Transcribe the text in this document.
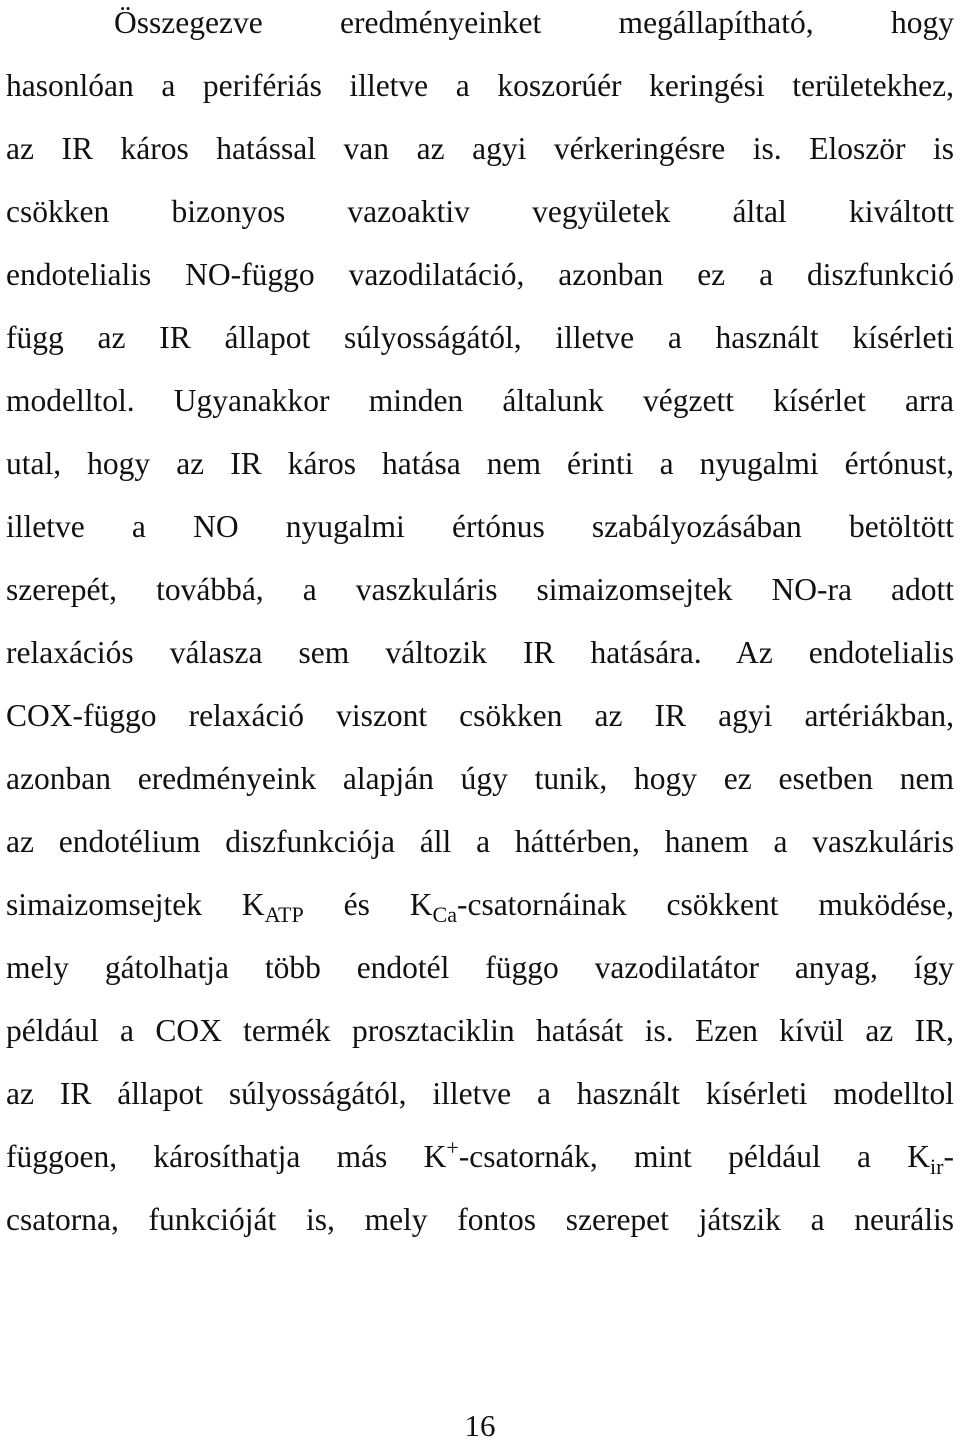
Összegezve eredményeinket megállapítható, hogy
hasonlóan a perifériás illetve a koszorúér keringési területekhez,
az IR káros hatással van az agyi vérkeringésre is. Eloször is
csökken bizonyos vazoaktiv vegyületek által kiváltott
endotelialis NO-függo vazodilatáció, azonban ez a diszfunkció
függ az IR állapot súlyosságától, illetve a használt kísérleti
modelltol. Ugyanakkor minden általunk végzett kísérlet arra
utal, hogy az IR káros hatása nem érinti a nyugalmi értónust,
illetve a NO nyugalmi értónus szabályozásában betöltött
szerepét, továbbá, a vaszkuláris simaizomsejtek NO-ra adott
relaxációs válasza sem változik IR hatására. Az endotelialis
COX-függo relaxáció viszont csökken az IR agyi artériákban,
azonban eredményeink alapján úgy tunik, hogy ez esetben nem
az endotélium diszfunkciója áll a háttérben, hanem a vaszkuláris
simaizomsejtek $K_{ATP}$ és $K_{Ca}$-csatornáinak csökkent muködése,
mely gátolhatja több endotél függo vazodilatátor anyag, így
például a COX termék prosztaciklin hatását is. Ezen kívül az IR,
az IR állapot súlyosságától, illetve a használt kísérleti modelltol
függoen, károsíthatja más K+-csatornák, mint például a $K_{ir}-$
csatorna, funkcióját is, mely fontos szerepet játszik a neurális
16
